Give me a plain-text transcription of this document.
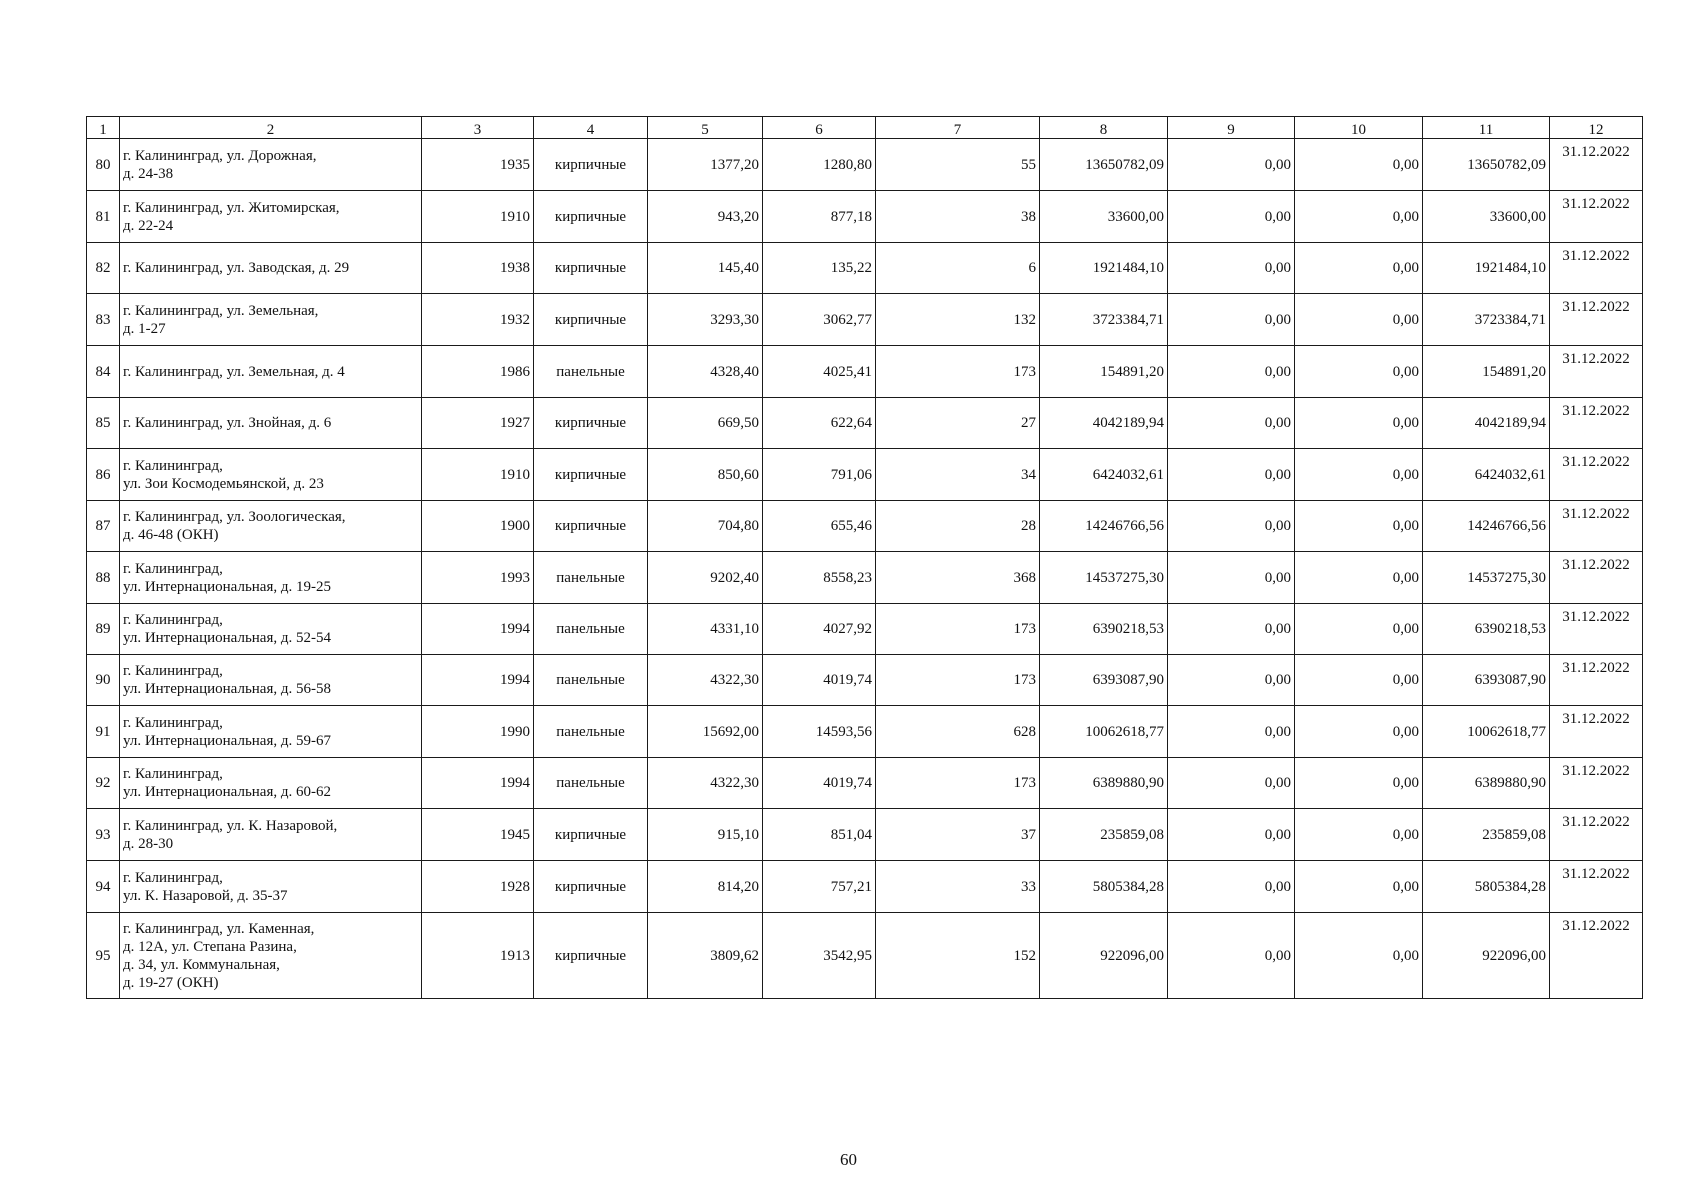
1	2	3	4	5	6	7	8	9	10	11	12
80	г. Калининград, ул. Дорожная,
д. 24-38	1935	кирпичные	1377,20	1280,80	55	13650782,09	0,00	0,00	13650782,09	31.12.2022
81	г. Калининград, ул. Житомирская,
д. 22-24	1910	кирпичные	943,20	877,18	38	33600,00	0,00	0,00	33600,00	31.12.2022
82	г. Калининград, ул. Заводская, д. 29	1938	кирпичные	145,40	135,22	6	1921484,10	0,00	0,00	1921484,10	31.12.2022
83	г. Калининград, ул. Земельная,
д. 1-27	1932	кирпичные	3293,30	3062,77	132	3723384,71	0,00	0,00	3723384,71	31.12.2022
84	г. Калининград, ул. Земельная, д. 4	1986	панельные	4328,40	4025,41	173	154891,20	0,00	0,00	154891,20	31.12.2022
85	г. Калининград, ул. Знойная, д. 6	1927	кирпичные	669,50	622,64	27	4042189,94	0,00	0,00	4042189,94	31.12.2022
86	г. Калининград,
ул. Зои Космодемьянской, д. 23	1910	кирпичные	850,60	791,06	34	6424032,61	0,00	0,00	6424032,61	31.12.2022
87	г. Калининград, ул. Зоологическая,
д. 46-48 (ОКН)	1900	кирпичные	704,80	655,46	28	14246766,56	0,00	0,00	14246766,56	31.12.2022
88	г. Калининград,
ул. Интернациональная, д. 19-25	1993	панельные	9202,40	8558,23	368	14537275,30	0,00	0,00	14537275,30	31.12.2022
89	г. Калининград,
ул. Интернациональная, д. 52-54	1994	панельные	4331,10	4027,92	173	6390218,53	0,00	0,00	6390218,53	31.12.2022
90	г. Калининград,
ул. Интернациональная, д. 56-58	1994	панельные	4322,30	4019,74	173	6393087,90	0,00	0,00	6393087,90	31.12.2022
91	г. Калининград,
ул. Интернациональная, д. 59-67	1990	панельные	15692,00	14593,56	628	10062618,77	0,00	0,00	10062618,77	31.12.2022
92	г. Калининград,
ул. Интернациональная, д. 60-62	1994	панельные	4322,30	4019,74	173	6389880,90	0,00	0,00	6389880,90	31.12.2022
93	г. Калининград, ул. К. Назаровой,
д. 28-30	1945	кирпичные	915,10	851,04	37	235859,08	0,00	0,00	235859,08	31.12.2022
94	г. Калининград,
ул. К. Назаровой, д. 35-37	1928	кирпичные	814,20	757,21	33	5805384,28	0,00	0,00	5805384,28	31.12.2022
95	г. Калининград, ул. Каменная,
д. 12А, ул. Степана Разина,
д. 34, ул. Коммунальная,
д. 19-27 (ОКН)	1913	кирпичные	3809,62	3542,95	152	922096,00	0,00	0,00	922096,00	31.12.2022
60
